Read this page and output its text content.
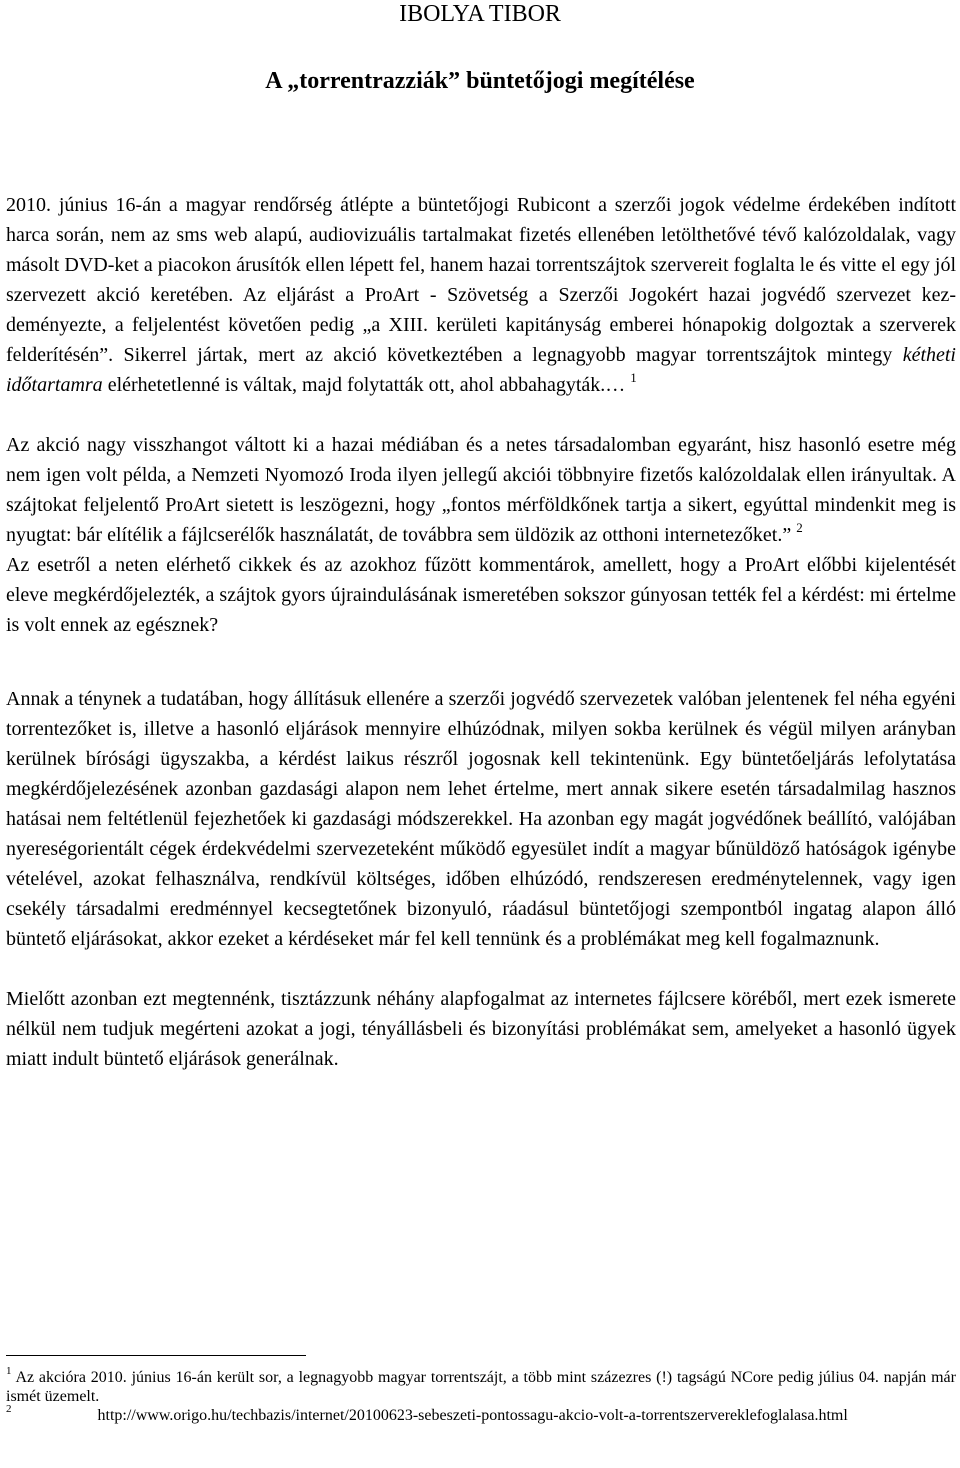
IBOLYA TIBOR
A „torrentrazziák” büntetőjogi megítélése

2010. június 16-án a magyar rendőrség átlépte a büntetőjogi Rubicont a szerzői jogok védelme érdekében indított harca során, nem az sms web alapú, audiovizuális tartalmakat fizetés ellenében letölthetővé tévő kalózoldalak, vagy másolt DVD-ket a piacokon árusítók ellen lépett fel, hanem hazai torrentszájtok szervereit foglalta le és vitte el egy jól szervezett akció keretében. Az eljárást a ProArt - Szövetség a Szerzői Jogokért hazai jogvédő szervezet kezdeményezte, a feljelentést követően pedig „a XIII. kerületi kapitányság emberei hónapokig dolgoztak a szerverek felderítésén”. Sikerrel jártak, mert az akció következtében a legnagyobb magyar torrentszájtok mintegy kétheti időtartamra elérhetetlenné is váltak, majd folytatták ott, ahol abbahagyták.… $^1$

Az akció nagy visszhangot váltott ki a hazai médiában és a netes társadalomban egyaránt, hisz hasonló esetre még nem igen volt példa, a Nemzeti Nyomozó Iroda ilyen jellegű akciói többnyire fizetős kalózoldalak ellen irányultak. A szájtokat feljelentő ProArt sietett is leszögezni, hogy „fontos mérföldkőnek tartja a sikert, egyúttal mindenkit meg is nyugtat: bár elítélik a fájlcserélők használatát, de továbbra sem üldözik az otthoni internetezőket.” $^2$

Az esetről a neten elérhető cikkek és az azokhoz fűzött kommentárok, amellett, hogy a ProArt előbbi kijelentését eleve megkérdőjelezték, a szájtok gyors újraindulásának ismeretében sokszor gúnyosan tették fel a kérdést: mi értelme is volt ennek az egésznek?

Annak a ténynek a tudatában, hogy állításuk ellenére a szerzői jogvédő szervezetek valóban jelentenek fel néha egyéni torrentezőket is, illetve a hasonló eljárások mennyire elhúzódnak, milyen sokba kerülnek és végül milyen arányban kerülnek bírósági ügyszakba, a kérdést laikus részről jogosnak kell tekintenünk. Egy büntetőeljárás lefolytatása megkérdőjelezésének azonban gazdasági alapon nem lehet értelme, mert annak sikere esetén társadalmilag hasznos hatásai nem feltétlenül fejezhetőek ki gazdasági módszerekkel. Ha azonban egy magát jogvédőnek beállító, valójában nyereségorientált cégek érdekvédelmi szervezeteként működő egyesület indít a magyar bűnüldöző hatóságok igénybe vételével, azokat felhasználva, rendkívül költséges, időben elhúzódó, rendszeresen eredménytelennek, vagy igen csekély társadalmi eredménnyel kecsegtetőnek bizonyuló, ráadásul büntetőjogi szempontból ingatag alapon álló büntető eljárásokat, akkor ezeket a kérdéseket már fel kell tennünk és a problémákat meg kell fogalmaznunk.

Mielőtt azonban ezt megtennénk, tisztázzunk néhány alapfogalmat az internetes fájlcsere köréből, mert ezek ismerete nélkül nem tudjuk megérteni azokat a jogi, tényállásbeli és bizonyítási problémákat sem, amelyeket a hasonló ügyek miatt indult büntető eljárások generálnak.

$^1$ Az akcióra 2010. június 16-án került sor, a legnagyobb magyar torrentszájt, a több mint százezres (!) tagságú NCore pedig július 04. napján már ismét üzemelt.

$^2$	http://www.origo.hu/techbazis/internet/20100623-sebeszeti-pontossagu-akcio-volt-a-torrentszervereklefoglalasa.html
